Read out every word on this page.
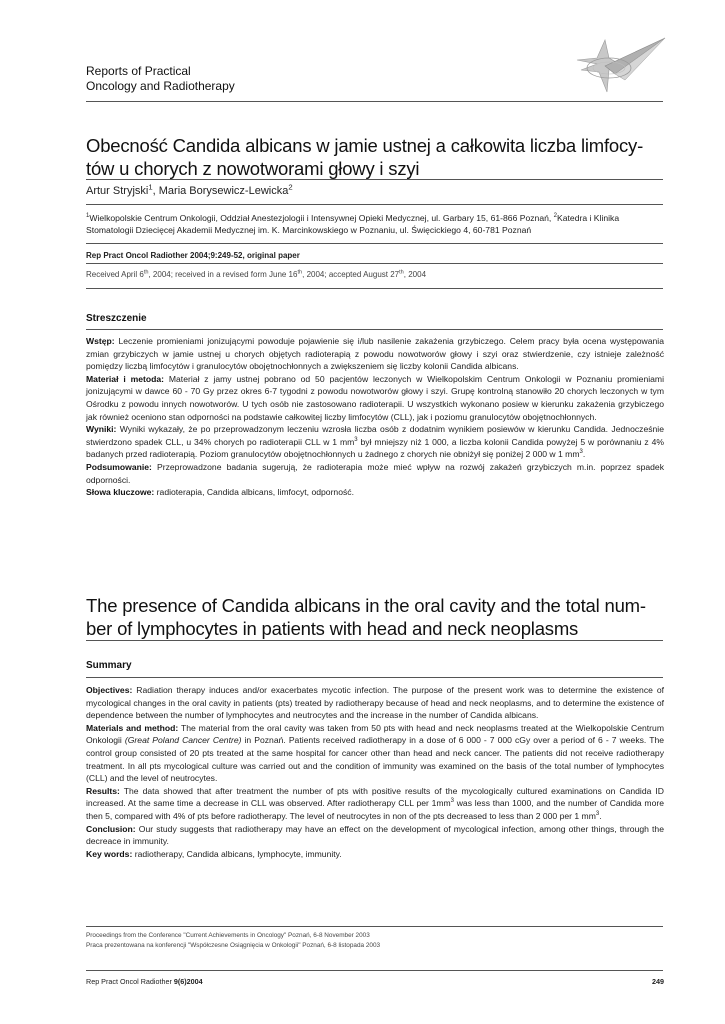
Reports of Practical
Oncology and Radiotherapy
Obecność Candida albicans w jamie ustnej a całkowita liczba limfocy-
tów u chorych z nowotworami głowy i szyi
Artur Stryjski$^1$, Maria Borysewicz-Lewicka$^2$
$^1$Wielkopolskie Centrum Onkologii, Oddział Anestezjologii i Intensywnej Opieki Medycznej, ul. Garbary 15, 61-866 Poznań, $^2$Katedra i Klinika Stomatologii Dziecięcej Akademii Medycznej im. K. Marcinkowskiego w Poznaniu, ul. Święcickiego 4, 60-781 Poznań
Rep Pract Oncol Radiother 2004;9:249-52, original paper
Received April 6th, 2004; received in a revised form June 16th, 2004; accepted August 27th, 2004
Streszczenie

Wstęp: Leczenie promieniami jonizującymi powoduje pojawienie się i/lub nasilenie zakażenia grzybiczego. Celem pracy była ocena występowania zmian grzybiczych w jamie ustnej u chorych objętych radioterapią z powodu nowotworów głowy i szyi oraz stwierdzenie, czy istnieje zależność pomiędzy liczbą limfocytów i granulocytów obojętnochłonnych a zwiększeniem się liczby kolonii Candida albicans.

Materiał i metoda: Materiał z jamy ustnej pobrano od 50 pacjentów leczonych w Wielkopolskim Centrum Onkologii w Poznaniu promieniami jonizującymi w dawce 60 - 70 Gy przez okres 6-7 tygodni z powodu nowotworów głowy i szyi. Grupę kontrolną stanowiło 20 chorych leczonych w tym Ośrodku z powodu innych nowotworów. U tych osób nie zastosowano radioterapii. U wszystkich wykonano posiew w kierunku zakażenia grzybiczego jak również oceniono stan odporności na podstawie całkowitej liczby limfocytów (CLL), jak i poziomu granulocytów obojętnochłonnych.

Wyniki: Wyniki wykazały, że po przeprowadzonym leczeniu wzrosła liczba osób z dodatnim wynikiem posiewów w kierunku Candida. Jednocześnie stwierdzono spadek CLL, u 34% chorych po radioterapii CLL w 1 $mm^3$ był mniejszy niż 1 000, a liczba kolonii Candida powyżej 5 w porównaniu z 4% badanych przed radioterapią. Poziom granulocytów obojętnochłonnych u żadnego z chorych nie obniżył się poniżej 2 000 w 1 $mm^3$.

Podsumowanie: Przeprowadzone badania sugerują, że radioterapia może mieć wpływ na rozwój zakażeń grzybiczych m.in. poprzez spadek odporności.

Słowa kluczowe: radioterapia, Candida albicans, limfocyt, odporność.

The presence of Candida albicans in the oral cavity and the total num-
ber of lymphocytes in patients with head and neck neoplasms
Summary

Objectives: Radiation therapy induces and/or exacerbates mycotic infection. The purpose of the present work was to determine the existence of mycological changes in the oral cavity in patients (pts) treated by radiotherapy because of head and neck neoplasms, and to determine the existence of dependence between the number of lymphocytes and neutrocytes and the increase in the number of Candida albicans.

Materials and method: The material from the oral cavity was taken from 50 pts with head and neck neoplasms treated at the Wielkopolskie Centrum Onkologii (Great Poland Cancer Centre) in Poznań. Patients received radiotherapy in a dose of 6 000 - 7 000 cGy over a period of 6 - 7 weeks. The control group consisted of 20 pts treated at the same hospital for cancer other than head and neck cancer. The patients did not receive radiotherapy treatment. In all pts mycological culture was carried out and the condition of immunity was examined on the basis of the total number of lymphocytes (CLL) and the level of neutrocytes.

Results: The data showed that after treatment the number of pts with positive results of the mycologically cultured examinations on Candida ID increased. At the same time a decrease in CLL was observed. After radiotherapy CLL per $1mm^3$ was less than 1000, and the number of Candida more then 5, compared with 4% of pts before radiotherapy. The level of neutrocytes in non of the pts decreased to less than 2 000 per 1 $mm^3$.

Conclusion: Our study suggests that radiotherapy may have an effect on the development of mycological infection, among other things, through the decreace in immunity.

Key words: radiotherapy, Candida albicans, lymphocyte, immunity.

Proceedings from the Conference "Current Achievements in Oncology" Poznań, 6-8 November 2003
Praca prezentowana na konferencji "Współczesne Osiągnięcia w Onkologii" Poznań, 6-8 listopada 2003
Rep Pract Oncol Radiother 9(6)2004	249
